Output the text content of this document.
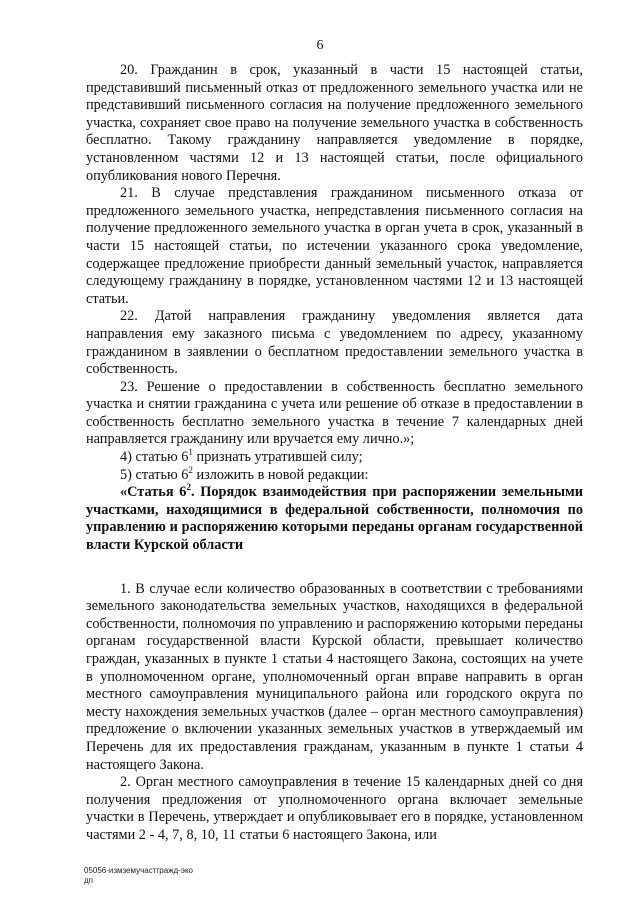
6

20. Гражданин в срок, указанный в части 15 настоящей статьи, представивший письменный отказ от предложенного земельного участка или не представивший письменного согласия на получение предложенного земельного участка, сохраняет свое право на получение земельного участка в собственность бесплатно. Такому гражданину направляется уведомление в порядке, установленном частями 12 и 13 настоящей статьи, после официального опубликования нового Перечня.

21. В случае представления гражданином письменного отказа от предложенного земельного участка, непредставления письменного согласия на получение предложенного земельного участка в орган учета в срок, указанный в части 15 настоящей статьи, по истечении указанного срока уведомление, содержащее предложение приобрести данный земельный участок, направляется следующему гражданину в порядке, установленном частями 12 и 13 настоящей статьи.

22. Датой направления гражданину уведомления является дата направления ему заказного письма с уведомлением по адресу, указанному гражданином в заявлении о бесплатном предоставлении земельного участка в собственность.

23. Решение о предоставлении в собственность бесплатно земельного участка и снятии гражданина с учета или решение об отказе в предоставлении в собственность бесплатно земельного участка в течение 7 календарных дней направляется гражданину или вручается ему лично.»;

4) статью $6^1$ признать утратившей силу;

5) статью $6^2$ изложить в новой редакции:

«Статья $6^2$. Порядок взаимодействия при распоряжении земельными участками, находящимися в федеральной собственности, полномочия по управлению и распоряжению которыми переданы органам государственной власти Курской области

1. В случае если количество образованных в соответствии с требованиями земельного законодательства земельных участков, находящихся в федеральной собственности, полномочия по управлению и распоряжению которыми переданы органам государственной власти Курской области, превышает количество граждан, указанных в пункте 1 статьи 4 настоящего Закона, состоящих на учете в уполномоченном органе, уполномоченный орган вправе направить в орган местного самоуправления муниципального района или городского округа по месту нахождения земельных участков (далее – орган местного самоуправления) предложение о включении указанных земельных участков в утверждаемый им Перечень для их предоставления гражданам, указанным в пункте 1 статьи 4 настоящего Закона.

2. Орган местного самоуправления в течение 15 календарных дней со дня получения предложения от уполномоченного органа включает земельные участки в Перечень, утверждает и опубликовывает его в порядке, установленном частями 2 - 4, 7, 8, 10, 11 статьи 6 настоящего Закона, или

05056-измземучастгражд-эко
дп
